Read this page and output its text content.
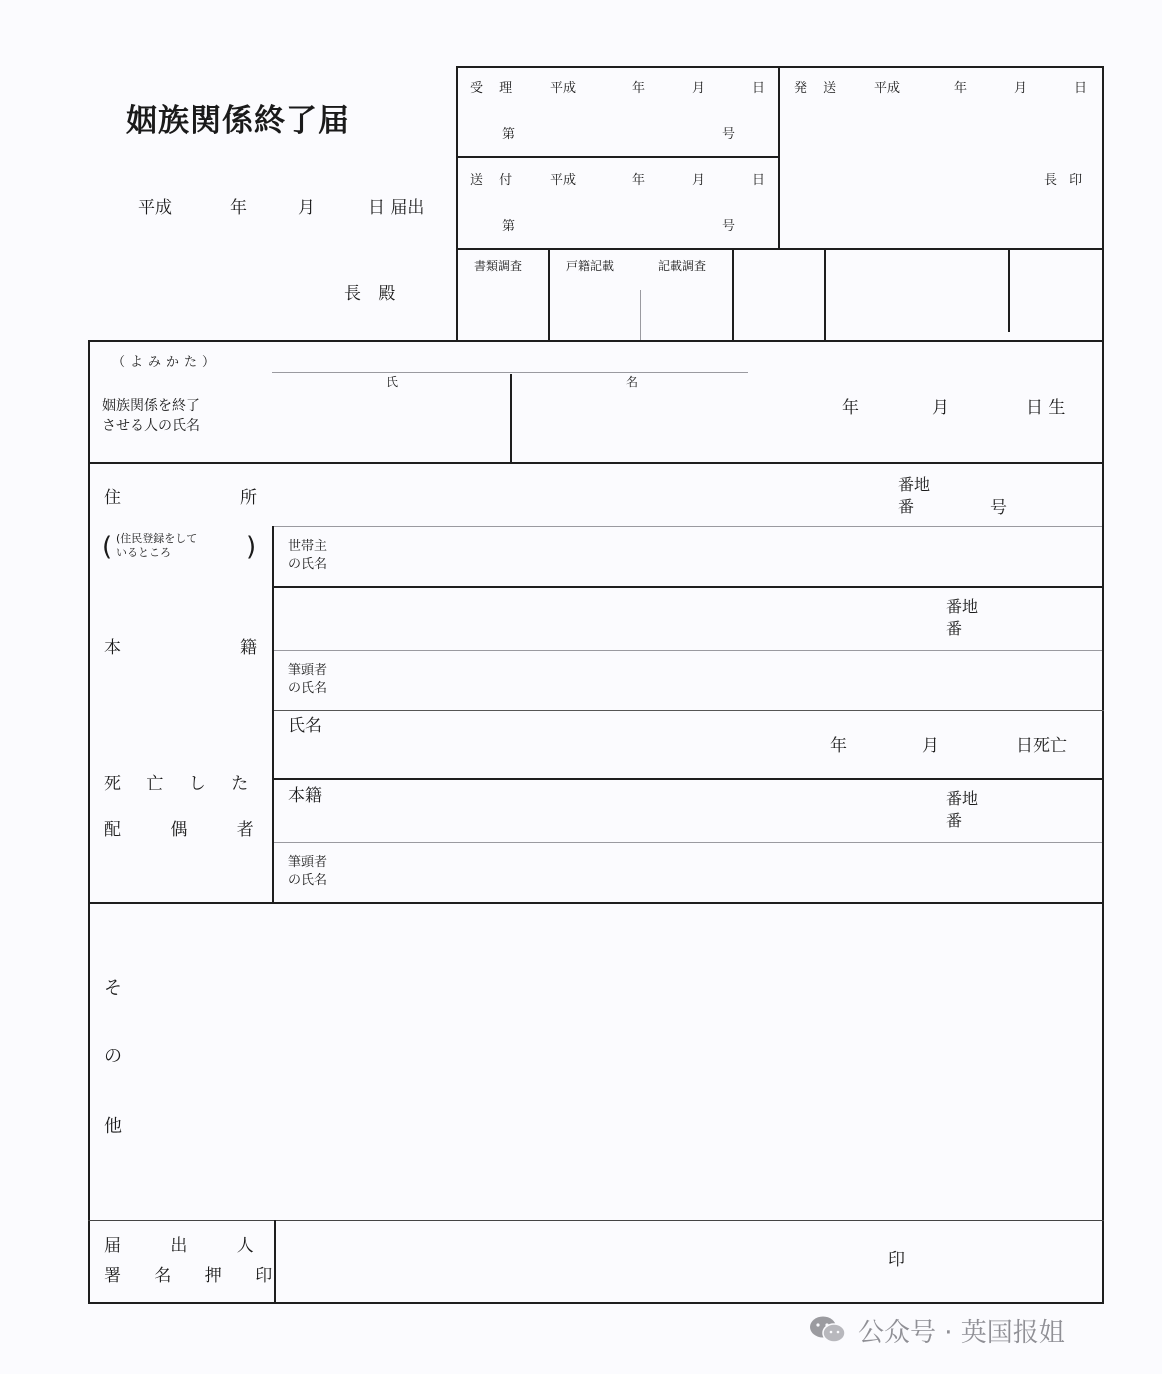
姻族関係終了届
平成	年	月	日 届出
長 殿
受 理 平成	年	月	日
第	号
送 付 平成	年	月	日
第	号
発 送 平成	年	月	日
長 印
書類調査	戸籍記載	記載調査
（よみかた）
姻族関係を終了
させる人の氏名
氏	名
年	月	日 生
住	所
( (住民登録をして
いるところ	)
番地
番	号
世帯主
の氏名
本	籍
番地
番
筆頭者
の氏名
死 亡 し た
配 偶 者
氏名
年	月	日死亡
本籍	番地
番
筆頭者
の氏名
そ
の
他
届 出 人
署 名 押 印
印
公众号 · 英国报姐
